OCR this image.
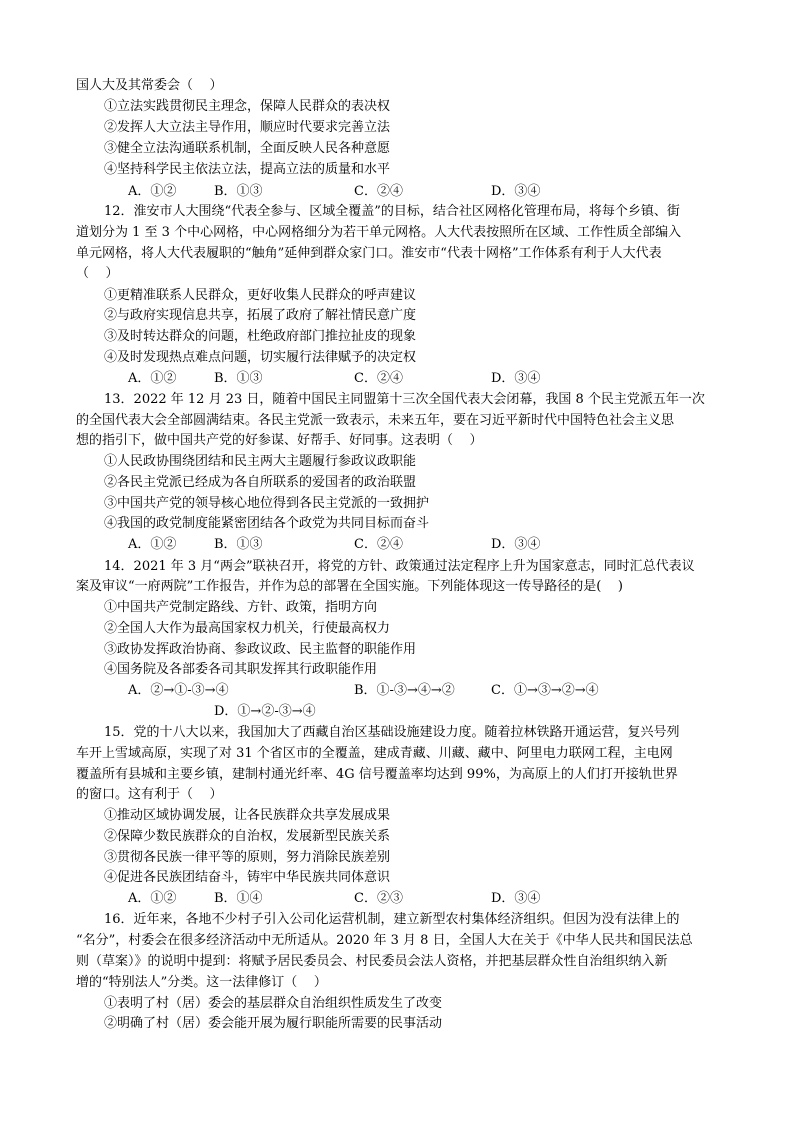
国人大及其常委会（    ）
①立法实践贯彻民主理念，保障人民群众的表决权
②发挥人大立法主导作用，顺应时代要求完善立法
③健全立法沟通联系机制，全面反映人民各种意愿
④坚持科学民主依法立法，提高立法的质量和水平
A．①②	B．①③	C．②④	D．③④
12．淮安市人大围绕“代表全参与、区域全覆盖”的目标，结合社区网格化管理布局，将每个乡镇、街
道划分为 1 至 3 个中心网格，中心网格细分为若干单元网格。人大代表按照所在区域、工作性质全部编入
单元网格，将人大代表履职的“触角”延伸到群众家门口。淮安市“代表十网格”工作体系有利于人大代表
（    ）
①更精准联系人民群众，更好收集人民群众的呼声建议
②与政府实现信息共享，拓展了政府了解社情民意广度
③及时转达群众的问题，杜绝政府部门推拉扯皮的现象
④及时发现热点难点问题，切实履行法律赋予的决定权
A．①②	B．①③	C．②④	D．③④
13．2022 年 12 月 23 日，随着中国民主同盟第十三次全国代表大会闭幕，我国 8 个民主党派五年一次
的全国代表大会全部圆满结束。各民主党派一致表示，未来五年，要在习近平新时代中国特色社会主义思
想的指引下，做中国共产党的好参谋、好帮手、好同事。这表明（    ）
①人民政协围绕团结和民主两大主题履行参政议政职能
②各民主党派已经成为各自所联系的爱国者的政治联盟
③中国共产党的领导核心地位得到各民主党派的一致拥护
④我国的政党制度能紧密团结各个政党为共同目标而奋斗
A．①②	B．①③	C．②④	D．③④
14．2021 年 3 月“两会”联袂召开，将党的方针、政策通过法定程序上升为国家意志，同时汇总代表议
案及审议“一府两院”工作报告，并作为总的部署在全国实施。下列能体现这一传导路径的是(    )
①中国共产党制定路线、方针、政策，指明方向
②全国人大作为最高国家权力机关，行使最高权力
③政协发挥政治协商、参政议政、民主监督的职能作用
④国务院及各部委各司其职发挥其行政职能作用
A．②→①-③→④	B．①-③→④→②	C．①→③→②→④
D．①→②-③→④
15．党的十八大以来，我国加大了西藏自治区基础设施建设力度。随着拉林铁路开通运营，复兴号列
车开上雪域高原，实现了对 31 个省区市的全覆盖，建成青藏、川藏、藏中、阿里电力联网工程，主电网
覆盖所有县城和主要乡镇，建制村通光纤率、4G 信号覆盖率均达到 99%，为高原上的人们打开接轨世界
的窗口。这有利于（    ）
①推动区域协调发展，让各民族群众共享发展成果
②保障少数民族群众的自治权，发展新型民族关系
③贯彻各民族一律平等的原则，努力消除民族差别
④促进各民族团结奋斗，铸牢中华民族共同体意识
A．①②	B．①④	C．②③	D．③④
16．近年来，各地不少村子引入公司化运营机制，建立新型农村集体经济组织。但因为没有法律上的
“名分”，村委会在很多经济活动中无所适从。2020 年 3 月 8 日，全国人大在关于《中华人民共和国民法总
则（草案）》的说明中提到：将赋予居民委员会、村民委员会法人资格，并把基层群众性自治组织纳入新
增的“特别法人”分类。这一法律修订（    ）
①表明了村（居）委会的基层群众自治组织性质发生了改变
②明确了村（居）委会能开展为履行职能所需要的民事活动
